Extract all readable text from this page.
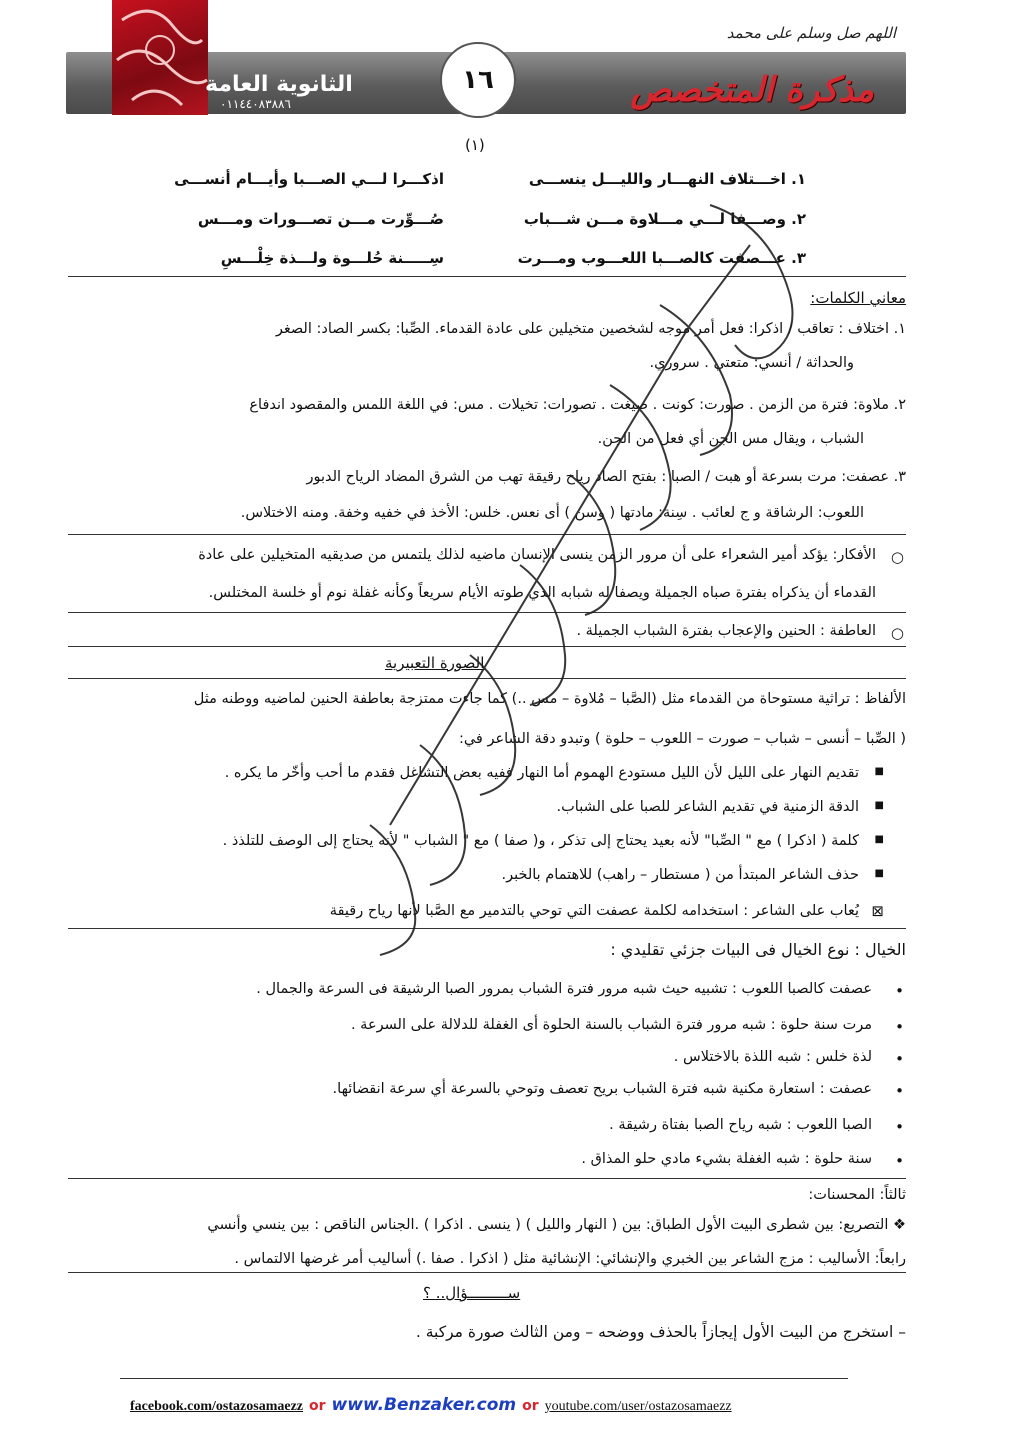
اللهم صل وسلم على محمد
مذكرة المتخصص
الثانوية العامة
٠١١٤٤٠٨٣٨٨٦
١٦
(١)
١. اخـــتلاف النهـــار والليـــل ينســـى
اذكـــرا لـــي الصـــبا وأيـــام أنســـى
٢. وصـــفا لـــي مـــلاوة مـــن شـــباب
صُـــوِّرت مـــن تصـــورات ومـــس
٣. عـــصفت كالصـــبا اللعـــوب ومـــرت
سِـــــنة حُلـــوة ولـــذة خِلْـــسِ
معاني الكلمات:
١. اختلاف : تعاقب / اذكرا: فعل أمر موجه لشخصين متخيلين على عادة القدماء. الصِّبا: بكسر الصاد: الصغر
والحداثة / أنسي: متعتي . سروري.
٢. ملاوة: فترة من الزمن . صورت: كونت . صيغت . تصورات: تخيلات . مس: في اللغة اللمس والمقصود اندفاع
الشباب ، ويقال مس الجن أي فعل من الجن.
٣. عصفت: مرت بسرعة أو هبت / الصبا : بفتح الصاد رياح رقيقة تهب من الشرق المضاد الرياح الدبور
اللعوب: الرشاقة و ج لعائب . سِنة: مادتها ( وسن ) أى نعس. خلس: الأخذ في خفيه وخفة. ومنه الاختلاس.
○
الأفكار: يؤكد أمير الشعراء على أن مرور الزمن ينسى الإنسان ماضيه لذلك يلتمس من صديقيه المتخيلين على عادة
القدماء أن يذكراه بفترة صباه الجميلة ويصفا له شبابه الذي طوته الأيام سريعاً وكأنه غفلة نوم أو خلسة المختلس.
○
العاطفة : الحنين والإعجاب بفترة الشباب الجميلة .
الصورة التعبيرية
الألفاظ : تراثية مستوحاة من القدماء مثل (الصَّبا – مُلاوة – مس ..) كما جاءت ممتزجة بعاطفة الحنين لماضيه ووطنه مثل
( الصِّبا – أنسى – شباب – صورت – اللعوب – حلوة ) وتبدو دقة الشاعر في:
■
تقديم النهار على الليل لأن الليل مستودع الهموم أما النهار ففيه بعض التشاغل فقدم ما أحب وأخّر ما يكره .
■
الدقة الزمنية في تقديم الشاعر للصبا على الشباب.
■
كلمة ( اذكرا ) مع " الصِّبا" لأنه بعيد يحتاج إلى تذكر ، و( صفا ) مع " الشباب " لأنه يحتاج إلى الوصف للتلذذ .
■
حذف الشاعر المبتدأ من ( مستطار – راهب) للاهتمام بالخبر.
⊠
يُعاب على الشاعر : استخدامه لكلمة عصفت التي توحي بالتدمير مع الصَّبا لأنها رياح رقيقة
الخيال : نوع الخيال فى البيات جزئي تقليدي :
•
عصفت كالصبا اللعوب : تشبيه حيث شبه مرور فترة الشباب بمرور الصبا الرشيقة فى السرعة والجمال .
•
مرت سنة حلوة : شبه مرور فترة الشباب بالسنة الحلوة أى الغفلة للدلالة على السرعة .
•
لذة خلس : شبه اللذة بالاختلاس .
•
عصفت : استعارة مكنية شبه فترة الشباب بريح تعصف وتوحي بالسرعة أي سرعة انقضائها.
•
الصبا اللعوب : شبه رياح الصبا بفتاة رشيقة .
•
سنة حلوة : شبه الغفلة بشيء مادي حلو المذاق .
ثالثاً: المحسنات:
❖ التصريع: بين شطرى البيت الأول الطباق: بين ( النهار والليل ) ( ينسى . اذكرا ) .الجناس الناقص : بين ينسي وأنسي
رابعاً: الأساليب : مزج الشاعر بين الخبري والإنشائي: الإنشائية مثل ( اذكرا . صفا .) أساليب أمر غرضها الالتماس .
ســـــــــؤال.. ؟
– استخرج من البيت الأول إيجازاً بالحذف ووضحه – ومن الثالث صورة مركبة .
facebook.com/ostazosamaezz or www.Benzaker.com or youtube.com/user/ostazosamaezz
